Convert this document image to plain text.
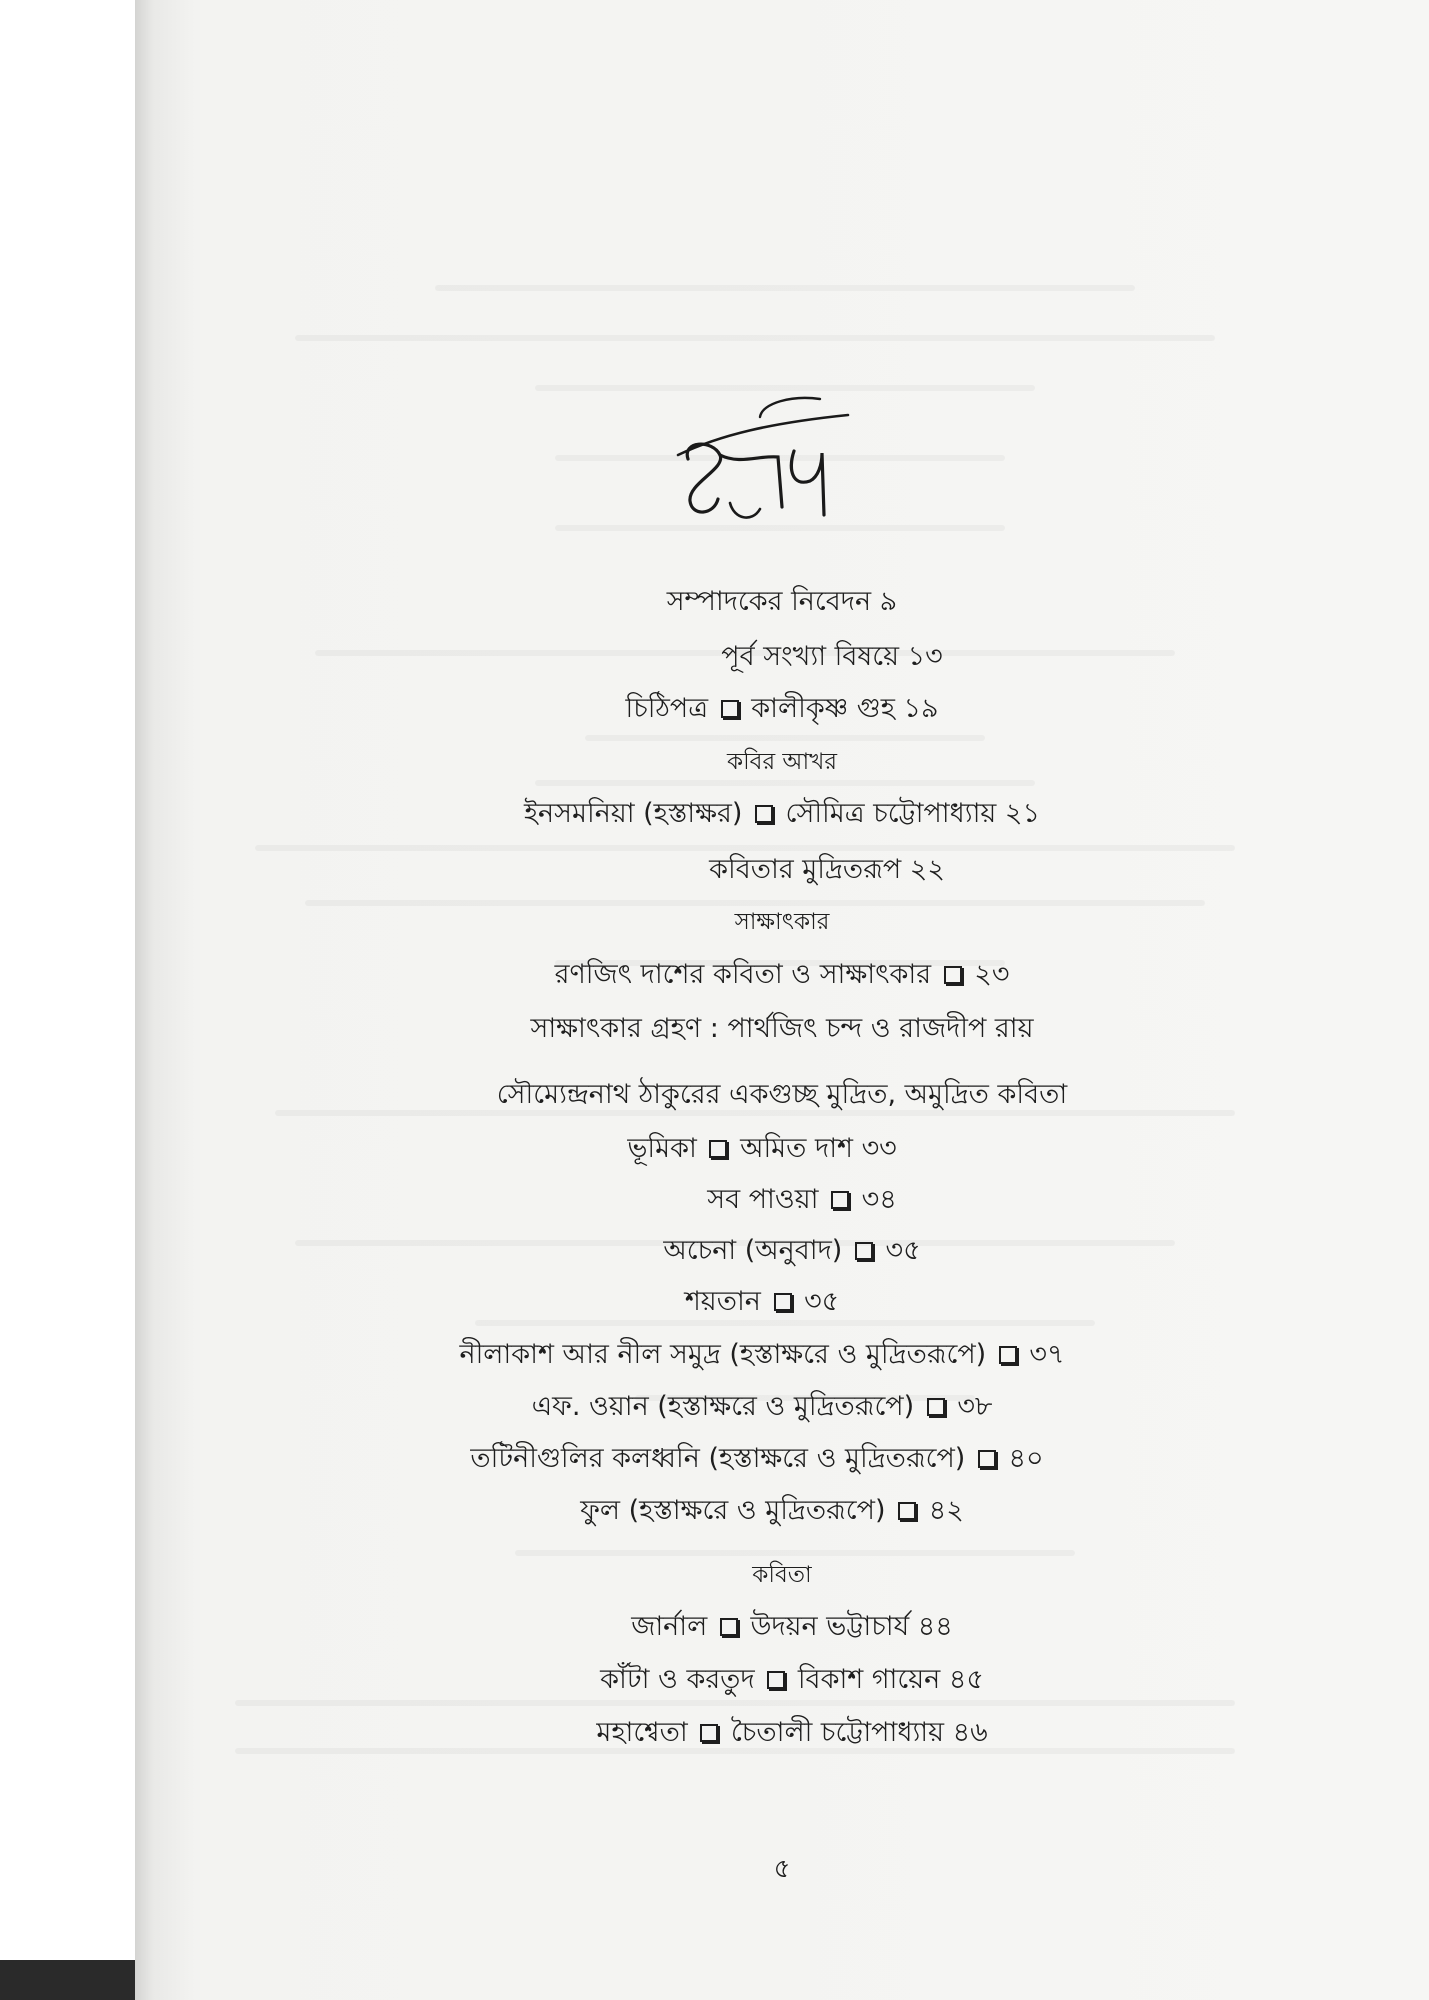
সম্পাদকের নিবেদন ৯
পূর্ব সংখ্যা বিষয়ে ১৩
চিঠিপত্র কালীকৃষ্ণ গুহ ১৯
কবির আখর
ইনসমনিয়া (হস্তাক্ষর) সৌমিত্র চট্টোপাধ্যায় ২১
কবিতার মুদ্রিতরূপ ২২
সাক্ষাৎকার
রণজিৎ দাশের কবিতা ও সাক্ষাৎকার ২৩
সাক্ষাৎকার গ্রহণ : পার্থজিৎ চন্দ ও রাজদীপ রায়
সৌম্যেন্দ্রনাথ ঠাকুরের একগুচ্ছ মুদ্রিত, অমুদ্রিত কবিতা
ভূমিকা অমিত দাশ ৩৩
সব পাওয়া ৩৪
অচেনা (অনুবাদ)  ৩৫
শয়তান ৩৫
নীলাকাশ আর নীল সমুদ্র (হস্তাক্ষরে ও মুদ্রিতরূপে)  ৩৭
এফ. ওয়ান (হস্তাক্ষরে ও মুদ্রিতরূপে)  ৩৮
তটিনীগুলির কলধ্বনি (হস্তাক্ষরে ও মুদ্রিতরূপে)  ৪০
ফুল (হস্তাক্ষরে ও মুদ্রিতরূপে)  ৪২
কবিতা
জার্নাল উদয়ন ভট্টাচার্য ৪৪
কাঁটা ও করতুদ বিকাশ গায়েন ৪৫
মহাশ্বেতা চৈতালী চট্টোপাধ্যায় ৪৬
৫
